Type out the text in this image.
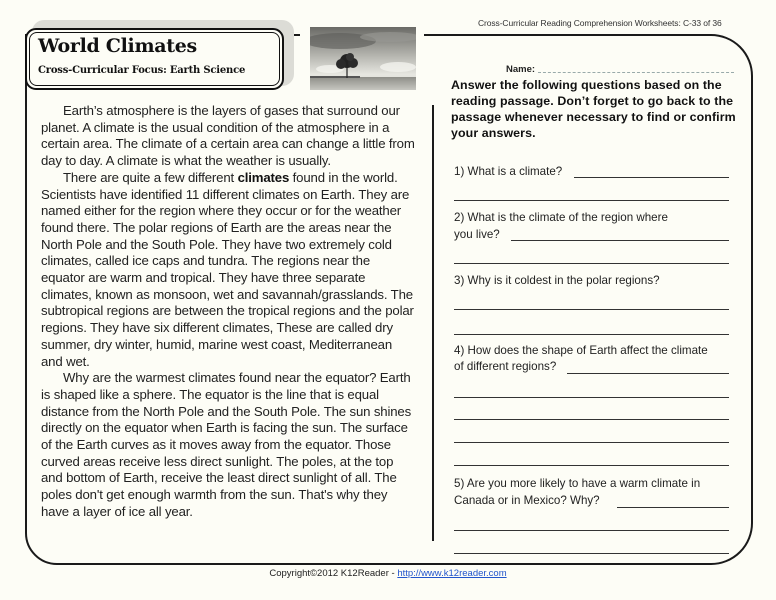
Cross-Curricular Reading Comprehension Worksheets: C-33 of 36
World Climates
Cross-Curricular Focus: Earth Science

Earth’s atmosphere is the layers of gases that surround our planet. A climate is the usual condition of the atmosphere in a certain area. The climate of a certain area can change a little from day to day. A climate is what the weather is usually.

There are quite a few different climates found in the world. Scientists have identified 11 different climates on Earth. They are named either for the region where they occur or for the weather found there. The polar regions of Earth are the areas near the North Pole and the South Pole. They have two extremely cold climates, called ice caps and tundra. The regions near the equator are warm and tropical. They have three separate climates, known as monsoon, wet and savannah/grasslands. The subtropical regions are between the tropical regions and the polar regions. They have six different climates, These are called dry summer, dry winter, humid, marine west coast, Mediterranean and wet.

Why are the warmest climates found near the equator? Earth is shaped like a sphere. The equator is the line that is equal distance from the North Pole and the South Pole. The sun shines directly on the equator when Earth is facing the sun. The surface of the Earth curves as it moves away from the equator. Those curved areas receive less direct sunlight. The poles, at the top and bottom of Earth, receive the least direct sunlight of all. The poles don't get enough warmth from the sun. That's why they have a layer of ice all year.

Name:
Answer the following questions based on the reading passage. Don’t forget to go back to the passage whenever necessary to find or confirm your answers.
1) What is a climate?
2) What is the climate of the region where
you live?
3) Why is it coldest in the polar regions?
4) How does the shape of Earth affect the climate
of different regions?
5) Are you more likely to have a warm climate in
Canada or in Mexico? Why?
Copyright©2012 K12Reader - http://www.k12reader.com
